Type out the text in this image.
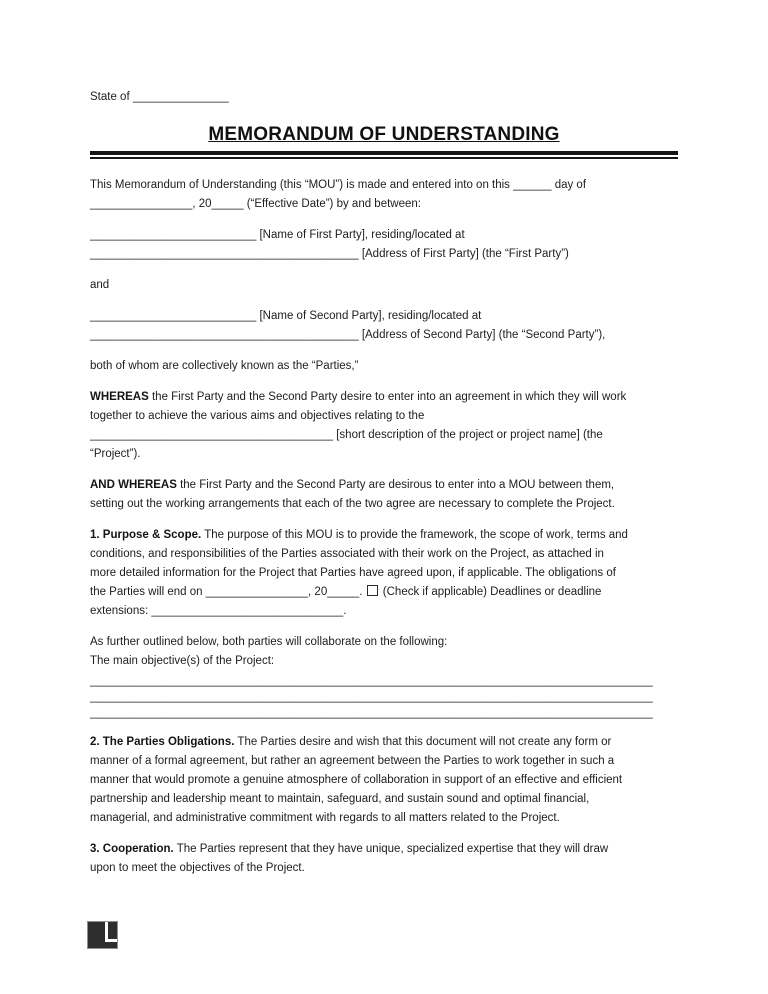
State of _______________
MEMORANDUM OF UNDERSTANDING
This Memorandum of Understanding (this “MOU”) is made and entered into on this ______ day of
________________, 20_____ (“Effective Date”) by and between:
__________________________ [Name of First Party], residing/located at
__________________________________________ [Address of First Party] (the “First Party”)
and
__________________________ [Name of Second Party], residing/located at
__________________________________________ [Address of Second Party] (the “Second Party”),
both of whom are collectively known as the “Parties,”
WHEREAS the First Party and the Second Party desire to enter into an agreement in which they will work
together to achieve the various aims and objectives relating to the
______________________________________ [short description of the project or project name] (the
“Project”).
AND WHEREAS the First Party and the Second Party are desirous to enter into a MOU between them,
setting out the working arrangements that each of the two agree are necessary to complete the Project.
1. Purpose & Scope. The purpose of this MOU is to provide the framework, the scope of work, terms and
conditions, and responsibilities of the Parties associated with their work on the Project, as attached in
more detailed information for the Project that Parties have agreed upon, if applicable. The obligations of
the Parties will end on ________________, 20_____.  (Check if applicable) Deadlines or deadline
extensions: ______________________________.
As further outlined below, both parties will collaborate on the following:
The main objective(s) of the Project:
________________________________________________________________________________________
________________________________________________________________________________________
________________________________________________________________________________________
2. The Parties Obligations. The Parties desire and wish that this document will not create any form or
manner of a formal agreement, but rather an agreement between the Parties to work together in such a
manner that would promote a genuine atmosphere of collaboration in support of an effective and efficient
partnership and leadership meant to maintain, safeguard, and sustain sound and optimal financial,
managerial, and administrative commitment with regards to all matters related to the Project.
3. Cooperation. The Parties represent that they have unique, specialized expertise that they will draw
upon to meet the objectives of the Project.
